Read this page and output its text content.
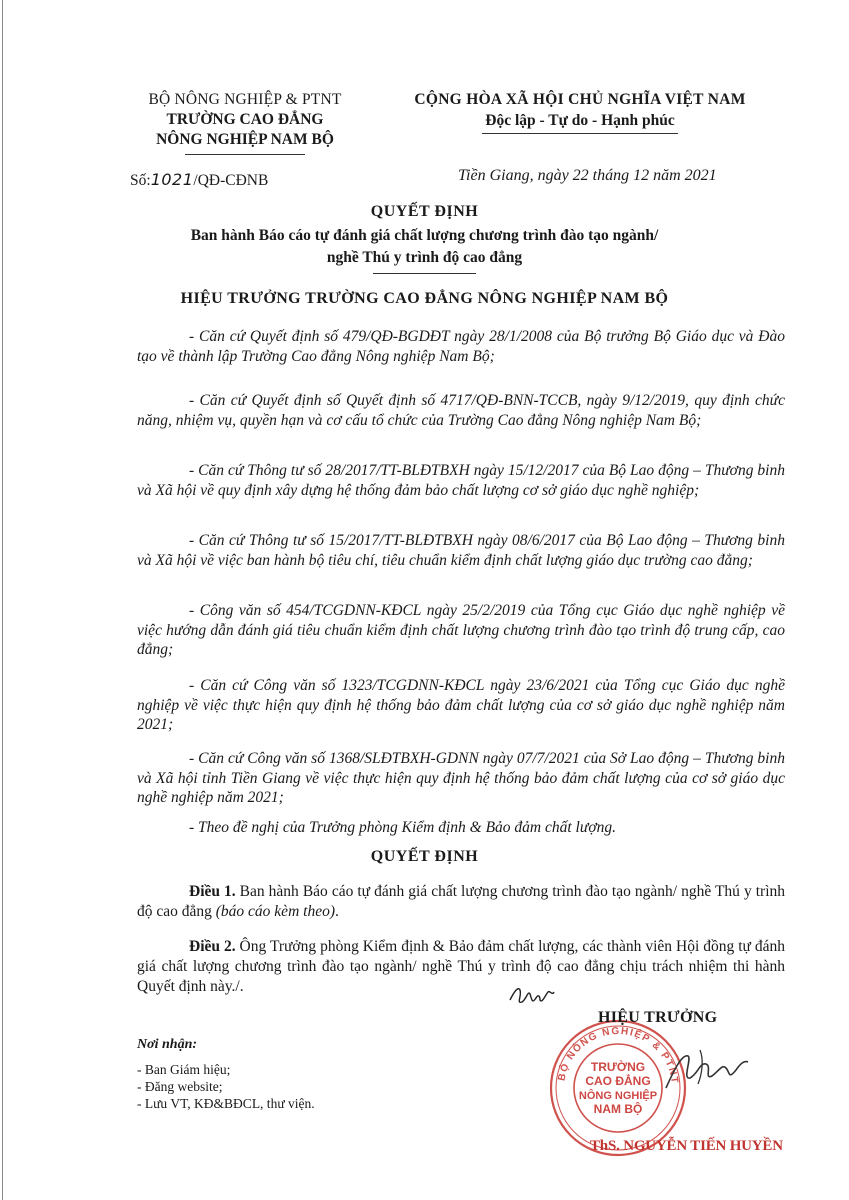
BỘ NÔNG NGHIỆP & PTNT
TRƯỜNG CAO ĐẲNG
NÔNG NGHIỆP NAM BỘ
Số:1021/QĐ-CĐNB
CỘNG HÒA XÃ HỘI CHỦ NGHĨA VIỆT NAM
Độc lập - Tự do - Hạnh phúc
Tiền Giang, ngày 22 tháng 12 năm 2021
QUYẾT ĐỊNH
Ban hành Báo cáo tự đánh giá chất lượng chương trình đào tạo ngành/
nghề Thú y trình độ cao đẳng
HIỆU TRƯỞNG TRƯỜNG CAO ĐẲNG NÔNG NGHIỆP NAM BỘ
- Căn cứ Quyết định số 479/QĐ-BGDĐT ngày 28/1/2008 của Bộ trưởng Bộ Giáo dục và Đào tạo về thành lập Trường Cao đẳng Nông nghiệp Nam Bộ;
- Căn cứ Quyết định số Quyết định số 4717/QĐ-BNN-TCCB, ngày 9/12/2019, quy định chức năng, nhiệm vụ, quyền hạn và cơ cấu tổ chức của Trường Cao đẳng Nông nghiệp Nam Bộ;
- Căn cứ Thông tư số 28/2017/TT-BLĐTBXH ngày 15/12/2017 của Bộ Lao động – Thương binh và Xã hội về quy định xây dựng hệ thống đảm bảo chất lượng cơ sở giáo dục nghề nghiệp;
- Căn cứ Thông tư số 15/2017/TT-BLĐTBXH ngày 08/6/2017 của Bộ Lao động – Thương binh và Xã hội về việc ban hành bộ tiêu chí, tiêu chuẩn kiểm định chất lượng giáo dục trường cao đẳng;
- Công văn số 454/TCGDNN-KĐCL ngày 25/2/2019 của Tổng cục Giáo dục nghề nghiệp về việc hướng dẫn đánh giá tiêu chuẩn kiểm định chất lượng chương trình đào tạo trình độ trung cấp, cao đẳng;
- Căn cứ Công văn số 1323/TCGDNN-KĐCL ngày 23/6/2021 của Tổng cục Giáo dục nghề nghiệp về việc thực hiện quy định hệ thống bảo đảm chất lượng của cơ sở giáo dục nghề nghiệp năm 2021;
- Căn cứ Công văn số 1368/SLĐTBXH-GDNN ngày 07/7/2021 của Sở Lao động – Thương binh và Xã hội tỉnh Tiền Giang về việc thực hiện quy định hệ thống bảo đảm chất lượng của cơ sở giáo dục nghề nghiệp năm 2021;
- Theo đề nghị của Trưởng phòng Kiểm định & Bảo đảm chất lượng.
QUYẾT ĐỊNH
Điều 1. Ban hành Báo cáo tự đánh giá chất lượng chương trình đào tạo ngành/ nghề Thú y trình độ cao đẳng (báo cáo kèm theo).
Điều 2. Ông Trưởng phòng Kiểm định & Bảo đảm chất lượng, các thành viên Hội đồng tự đánh giá chất lượng chương trình đào tạo ngành/ nghề Thú y trình độ cao đẳng chịu trách nhiệm thi hành Quyết định này./.
Nơi nhận:
- Ban Giám hiệu;
- Đăng website;
- Lưu VT, KĐ&BĐCL, thư viện.
BỘ NÔNG NGHIỆP & PTNT
TRƯỜNG
CAO ĐẲNG
NÔNG NGHIỆP
NAM BỘ
HIỆU TRƯỞNG
ThS. NGUYỄN TIẾN HUYỀN
